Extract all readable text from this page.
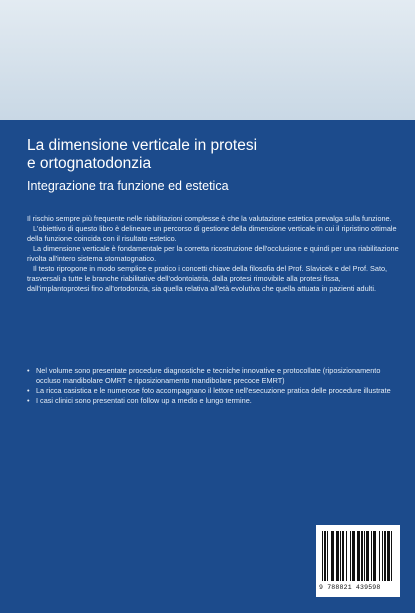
La dimensione verticale in protesi
e ortognatodonzia
Integrazione tra funzione ed estetica

Il rischio sempre più frequente nelle riabilitazioni complesse è che la valutazione estetica prevalga sulla funzione.

L'obiettivo di questo libro è delineare un percorso di gestione della dimensione verticale in cui il ripristino ottimale della funzione coincida con il risultato estetico.

La dimensione verticale è fondamentale per la corretta ricostruzione dell'occlusione e quindi per una riabilitazione rivolta all'intero sistema stomatognatico.

Il testo ripropone in modo semplice e pratico i concetti chiave della filosofia del Prof. Slavicek e del Prof. Sato, trasversali a tutte le branche riabilitative dell'odontoiatria, dalla protesi rimovibile alla protesi fissa, dall'implantoprotesi fino all'ortodonzia, sia quella relativa all'età evolutiva che quella attuata in pazienti adulti.

• Nel volume sono presentate procedure diagnostiche e tecniche innovative e protocollate (riposizionamento occluso mandibolare OMRT e riposizionamento mandibolare precoce EMRT)
• La ricca casistica e le numerose foto accompagnano il lettore nell'esecuzione pratica delle procedure illustrate
• I casi clinici sono presentati con follow up a medio e lungo termine.
9 788821 439598
